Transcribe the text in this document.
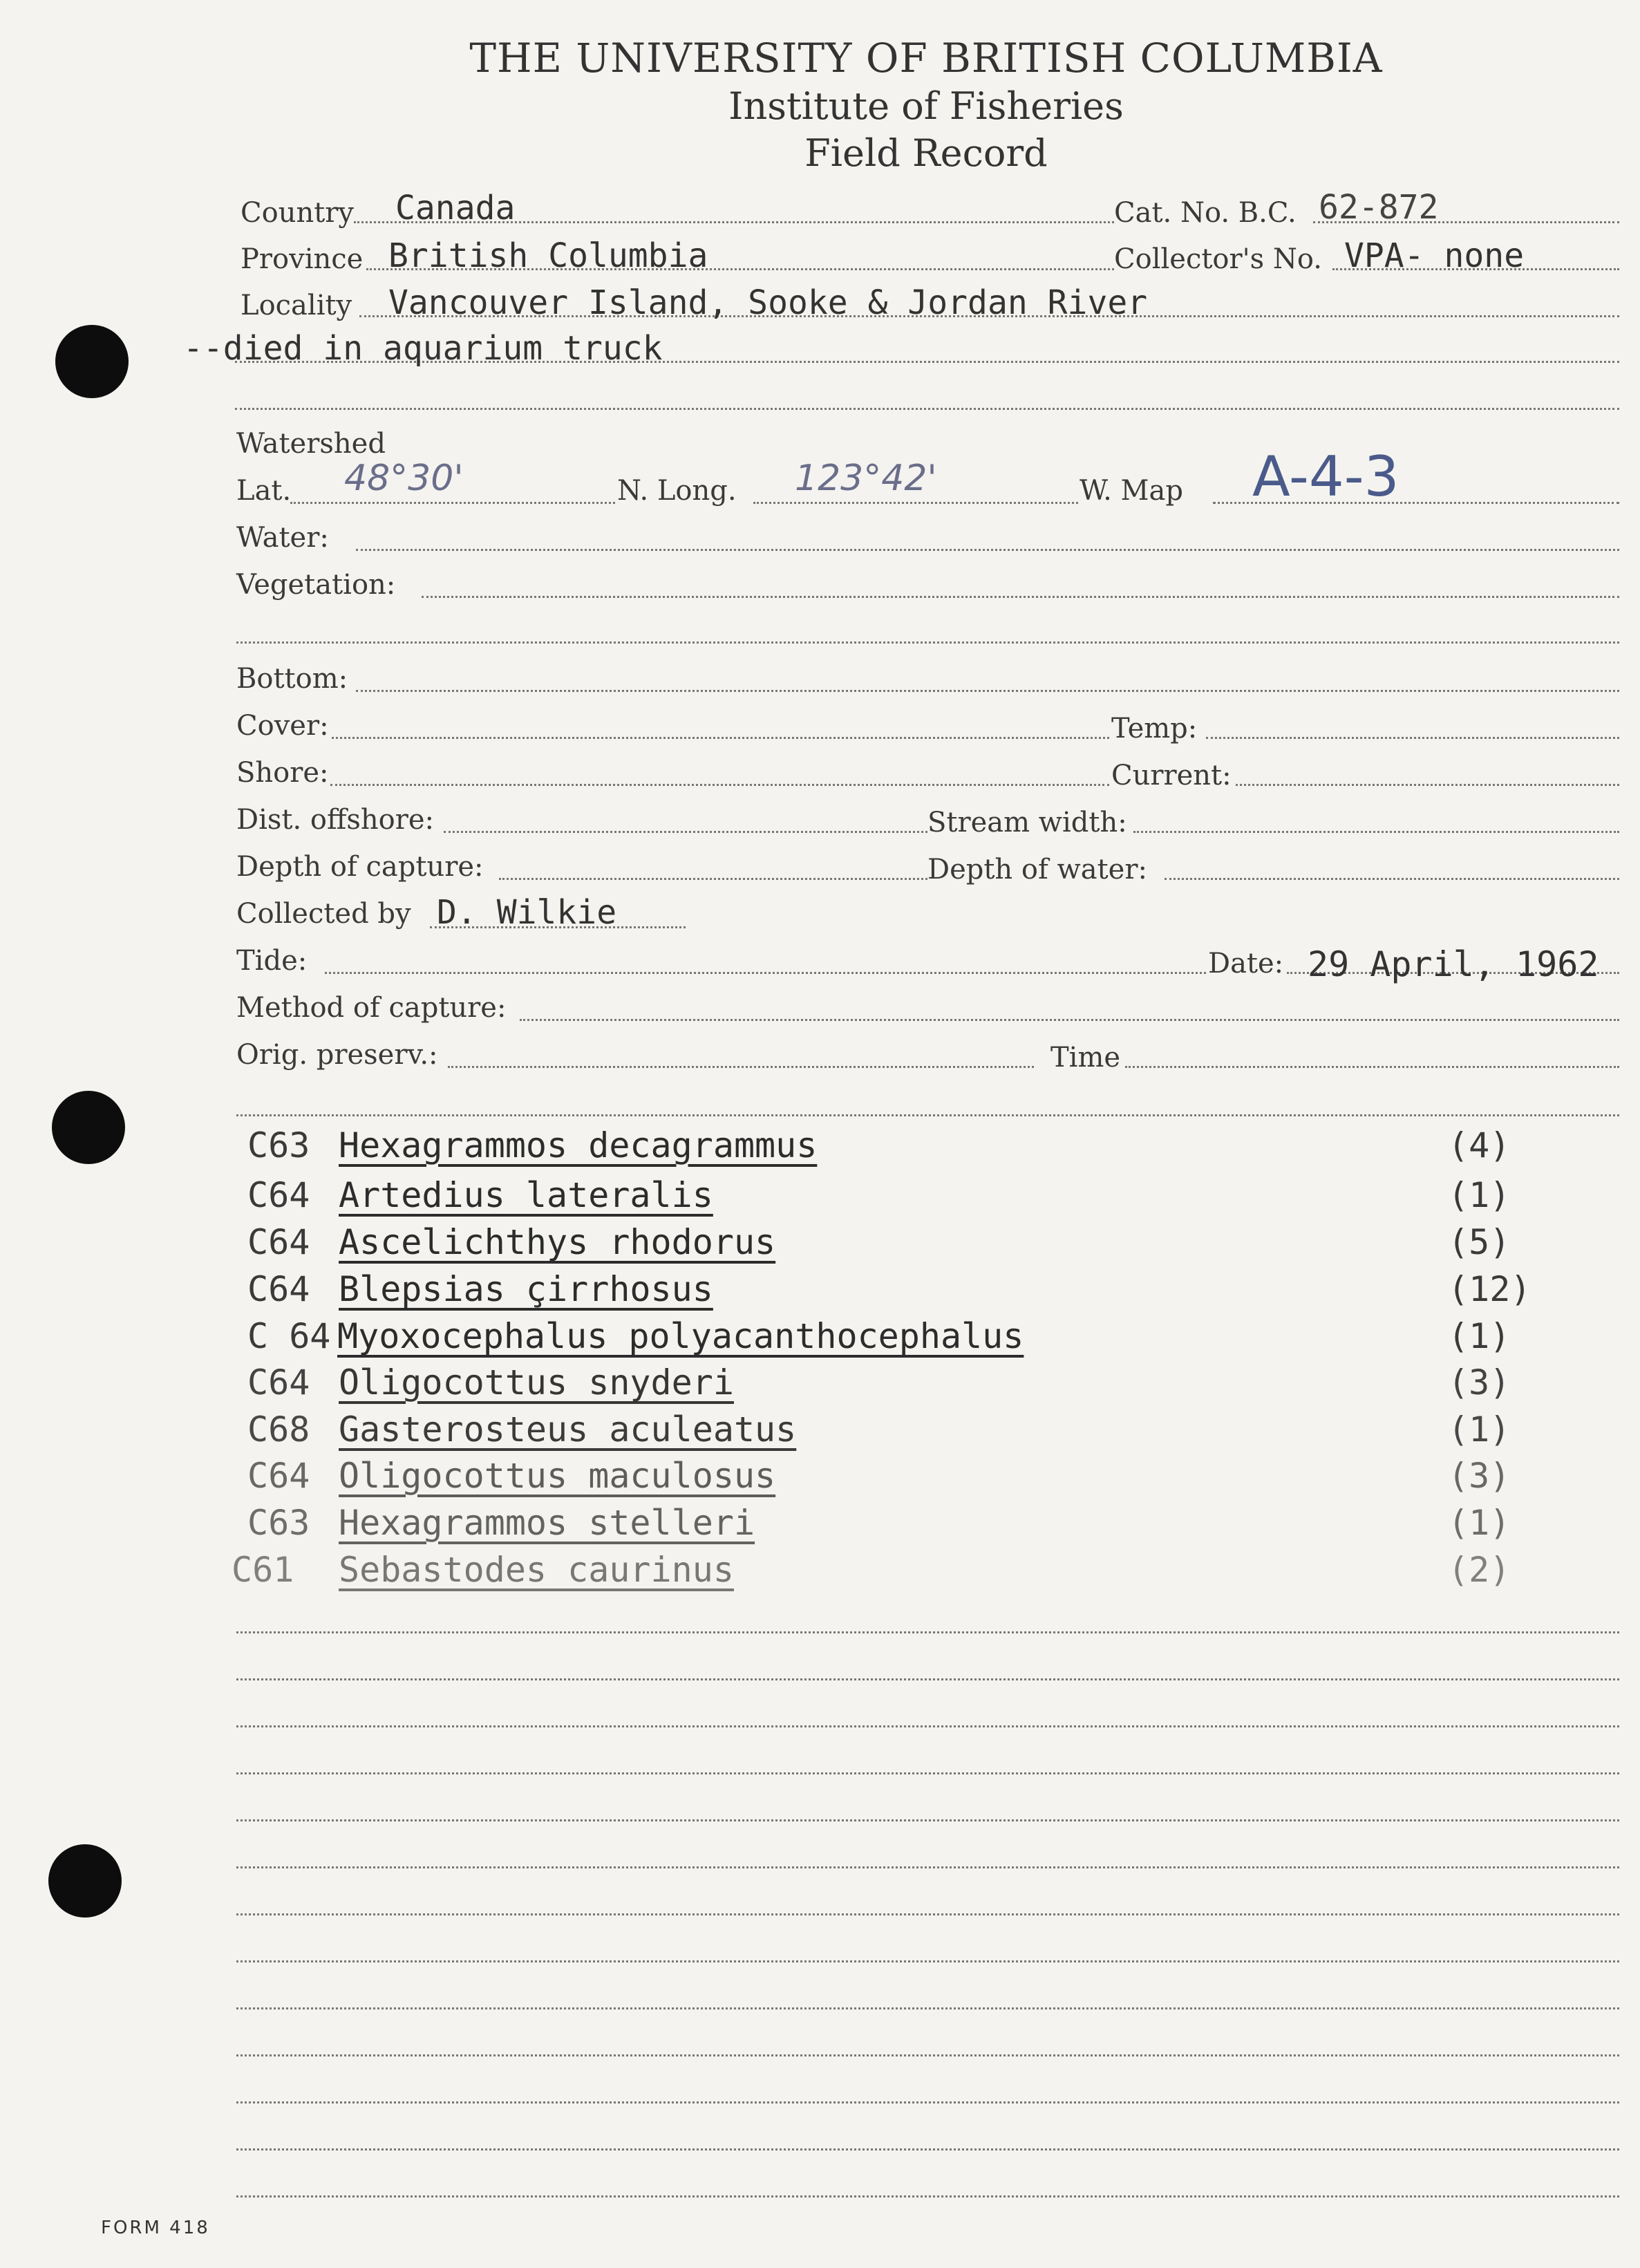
THE UNIVERSITY OF BRITISH COLUMBIA
Institute of Fisheries
Field Record
Country Canada	Cat. No. B.C. 62-872
Province British Columbia	Collector's No. VPA- none
Locality Vancouver Island, Sooke & Jordan River
--died in aquarium truck
Watershed
Lat. 48°30'	N. Long. 123°42'	W. Map A-4-3
Water:
Vegetation:
Bottom:
Cover:	Temp:
Shore:	Current:
Dist. offshore:	Stream width:
Depth of capture:	Depth of water:
Collected by D. Wilkie
Tide:	Date: 29 April, 1962
Method of capture:
Orig. preserv.:	Time
C63 Hexagrammos decagrammus	(4)
C64 Artedius lateralis	(1)
C64 Ascelichthys rhodorus	(5)
C64 Blepsias çirrhosus	(12)
C 64 Myoxocephalus polyacanthocephalus	(1)
C64 Oligocottus snyderi	(3)
C68 Gasterosteus aculeatus	(1)
C64 Oligocottus maculosus	(3)
C63 Hexagrammos stelleri	(1)
C61 Sebastodes caurinus	(2)
FORM 418
